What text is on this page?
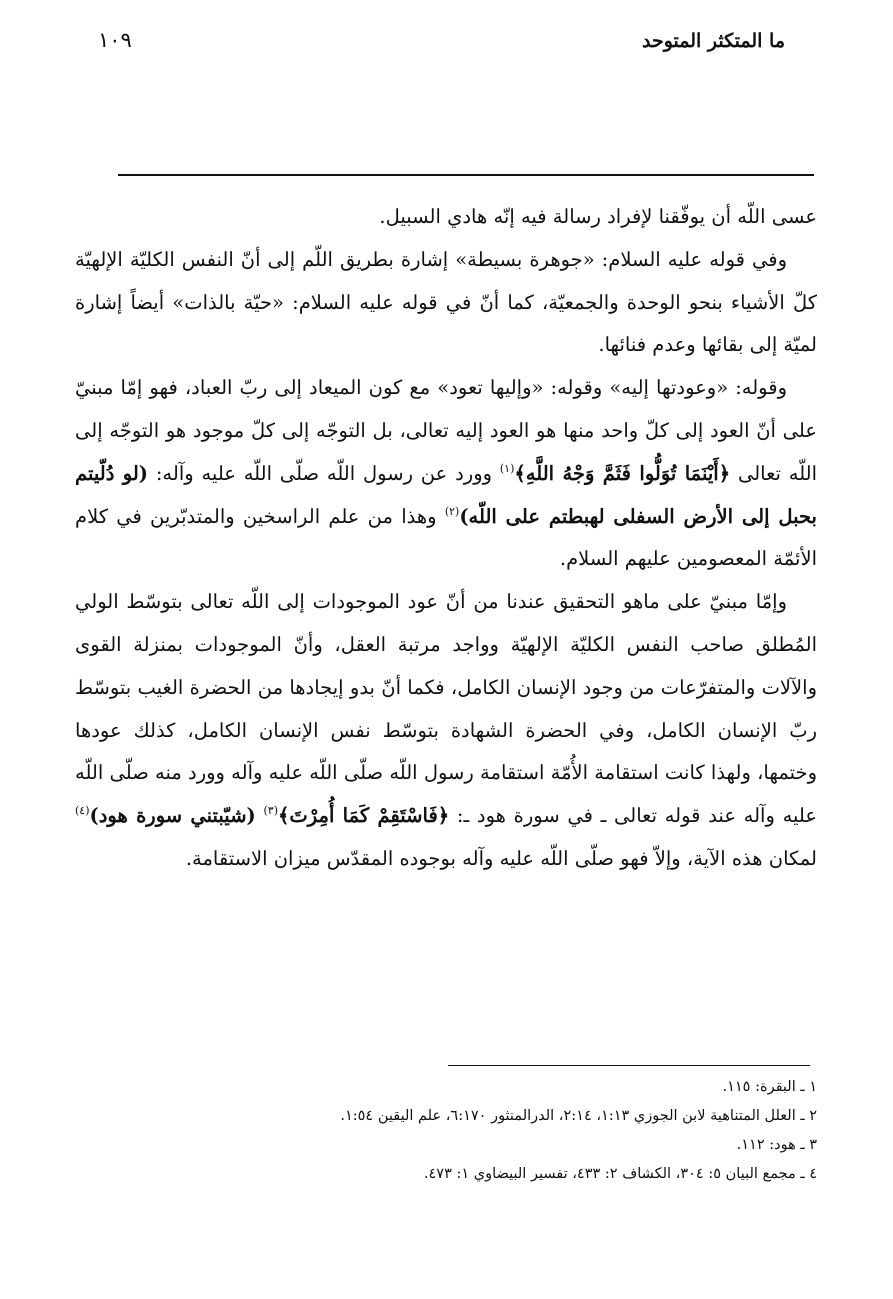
ما المتكثر المتوحد
١٠٩

عسى اللّه أن يوفّقنا لإفراد رسالة فيه إنّه هادي السبيل.

وفي قوله عليه السلام: «جوهرة بسيطة» إشارة بطريق اللّم إلى أنّ النفس الكليّة الإلهيّة كلّ الأشياء بنحو الوحدة والجمعيّة، كما أنّ في قوله عليه السلام: «حيّة بالذات» أيضاً إشارة لميّة إلى بقائها وعدم فنائها.

وقوله: «وعودتها إليه» وقوله: «وإليها تعود» مع كون الميعاد إلى ربّ العباد، فهو إمّا مبنيّ على أنّ العود إلى كلّ واحد منها هو العود إليه تعالى، بل التوجّه إلى كلّ موجود هو التوجّه إلى اللّه تعالى ﴿أَيْنَمَا تُوَلُّوا فَثَمَّ وَجْهُ اللَّهِ﴾$^{(١)}$ وورد عن رسول اللّه صلّى اللّه عليه وآله: (لو دُلّيتم بحبل إلى الأرض السفلى لهبطتم على اللّه)$^{(٢)}$ وهذا من علم الراسخين والمتدبّرين في كلام الأئمّة المعصومين عليهم السلام.

وإمّا مبنيّ على ماهو التحقيق عندنا من أنّ عود الموجودات إلى اللّه تعالى بتوسّط الولي المُطلق صاحب النفس الكليّة الإلهيّة وواجد مرتبة العقل، وأنّ الموجودات بمنزلة القوى والآلات والمتفرّعات من وجود الإنسان الكامل، فكما أنّ بدو إيجادها من الحضرة الغيب بتوسّط ربّ الإنسان الكامل، وفي الحضرة الشهادة بتوسّط نفس الإنسان الكامل، كذلك عودها وختمها، ولهذا كانت استقامة الأُمّة استقامة رسول اللّه صلّى اللّه عليه وآله وورد منه صلّى اللّه عليه وآله عند قوله تعالى ـ في سورة هود ـ: ﴿فَاسْتَقِمْ كَمَا أُمِرْتَ﴾$^{(٣)}$ (شيّبتني سورة هود)$^{(٤)}$ لمكان هذه الآية، وإلاّ فهو صلّى اللّه عليه وآله بوجوده المقدّس ميزان الاستقامة.

١ ـ البقرة: ١١٥.
٢ ـ العلل المتناهية لابن الجوزي ١:١٣، ٢:١٤، الدرالمنثور ٦:١٧٠، علم اليقين ١:٥٤.
٣ ـ هود: ١١٢.
٤ ـ مجمع البيان ٥: ٣٠٤، الكشاف ٢: ٤٣٣، تفسير البيضاوي ١: ٤٧٣.
